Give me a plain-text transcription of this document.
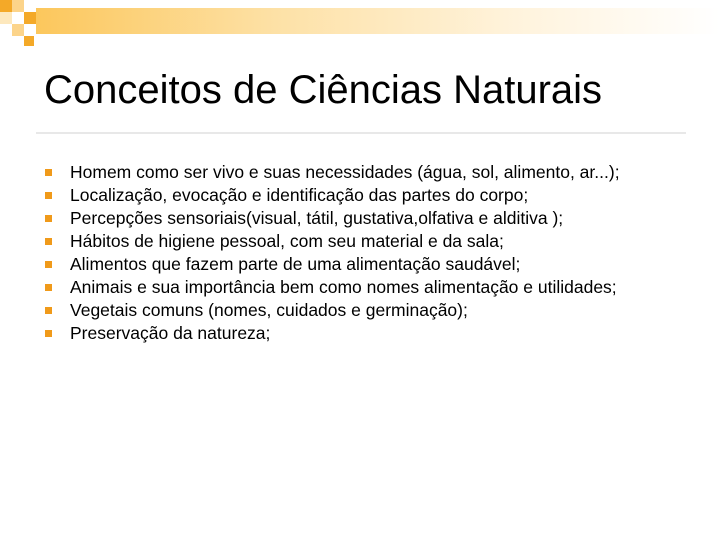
Conceitos de Ciências Naturais
Homem como ser vivo e suas necessidades (água, sol, alimento, ar...);
Localização, evocação e identificação das partes do corpo;
Percepções sensoriais(visual, tátil, gustativa,olfativa e alditiva );
Hábitos de higiene pessoal, com seu material e da sala;
Alimentos que fazem parte de uma alimentação saudável;
Animais e sua importância bem como nomes alimentação e utilidades;
Vegetais comuns (nomes, cuidados e germinação);
Preservação da natureza;
